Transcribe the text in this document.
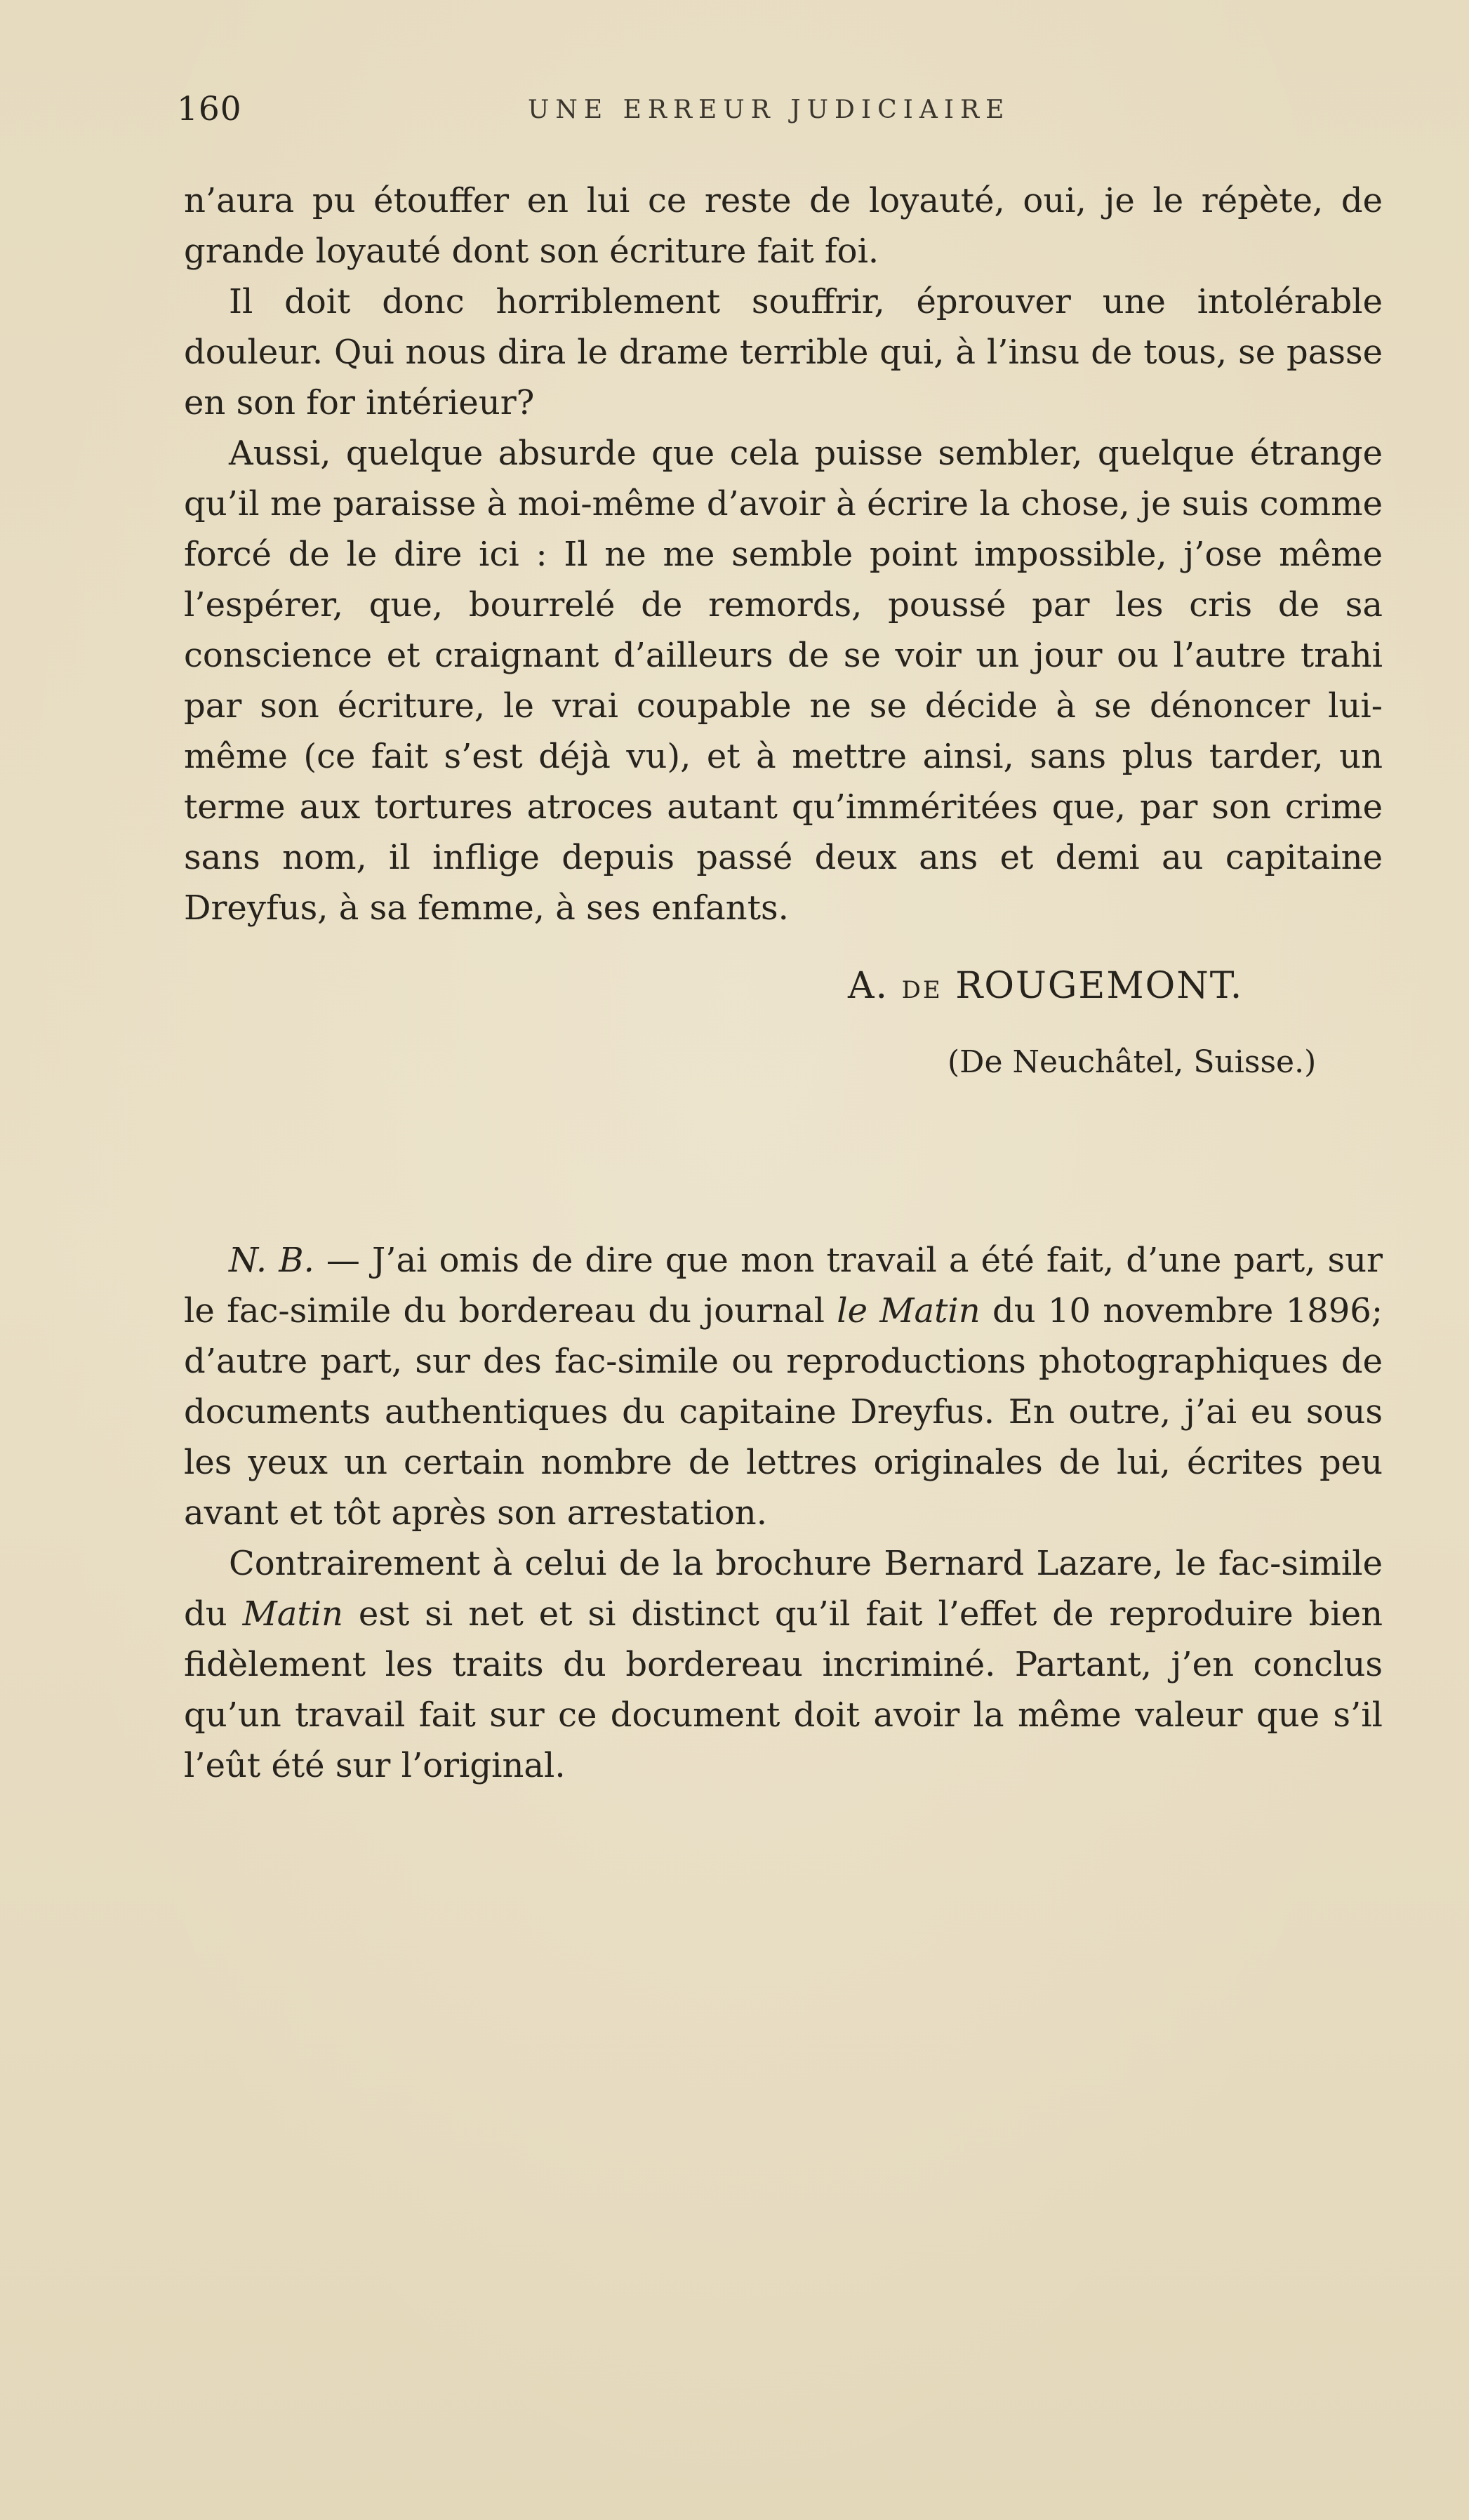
160	UNE ERREUR JUDICIAIRE

n’aura pu étouffer en lui ce reste de loyauté, oui, je le répète, de grande loyauté dont son écriture fait foi.

Il doit donc horriblement souffrir, éprouver une intolérable douleur. Qui nous dira le drame terrible qui, à l’insu de tous, se passe en son for intérieur?

Aussi, quelque absurde que cela puisse sembler, quelque étrange qu’il me paraisse à moi-même d’avoir à écrire la chose, je suis comme forcé de le dire ici : Il ne me semble point impossible, j’ose même l’espérer, que, bourrelé de remords, poussé par les cris de sa conscience et craignant d’ailleurs de se voir un jour ou l’autre trahi par son écriture, le vrai coupable ne se décide à se dénoncer lui-même (ce fait s’est déjà vu), et à mettre ainsi, sans plus tarder, un terme aux tortures atroces autant qu’imméritées que, par son crime sans nom, il inflige depuis passé deux ans et demi au capitaine Dreyfus, à sa femme, à ses enfants.

A. DE ROUGEMONT.
(De Neuchâtel, Suisse.)

N. B. — J’ai omis de dire que mon travail a été fait, d’une part, sur le fac-simile du bordereau du journal le Matin du 10 novembre 1896; d’autre part, sur des fac-simile ou reproductions photographiques de documents authentiques du capitaine Dreyfus. En outre, j’ai eu sous les yeux un certain nombre de lettres originales de lui, écrites peu avant et tôt après son arrestation.

Contrairement à celui de la brochure Bernard Lazare, le fac-simile du Matin est si net et si distinct qu’il fait l’effet de reproduire bien fidèlement les traits du bordereau incriminé. Partant, j’en conclus qu’un travail fait sur ce document doit avoir la même valeur que s’il l’eût été sur l’original.
